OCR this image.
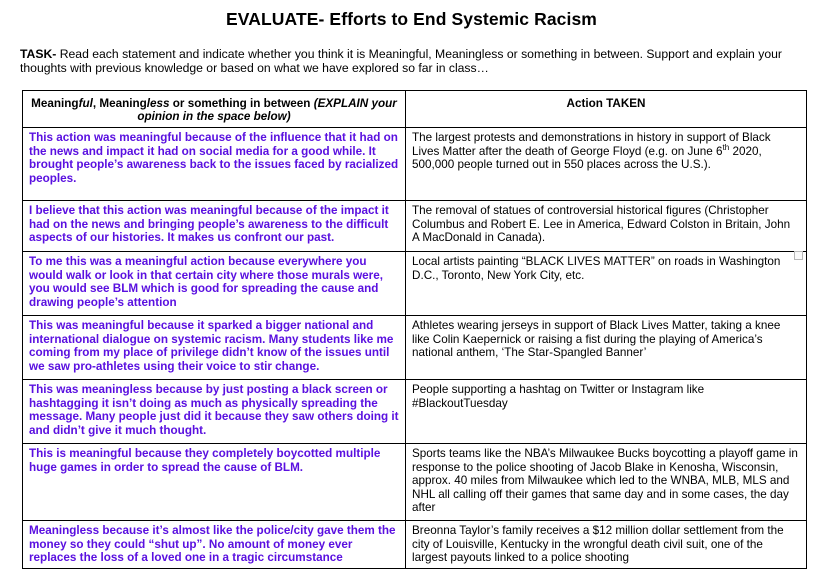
EVALUATE- Efforts to End Systemic Racism
TASK- Read each statement and indicate whether you think it is Meaningful, Meaningless or something in between. Support and explain your thoughts with previous knowledge or based on what we have explored so far in class…
Meaningful, Meaningless or something in between (EXPLAIN your opinion in the space below)	Action TAKEN
This action was meaningful because of the influence that it had on the news and impact it had on social media for a good while. It brought people’s awareness back to the issues faced by racialized peoples.	The largest protests and demonstrations in history in support of Black Lives Matter after the death of George Floyd (e.g. on June 6th 2020, 500,000 people turned out in 550 places across the U.S.).
I believe that this action was meaningful because of the impact it had on the news and bringing people’s awareness to the difficult aspects of our histories. It makes us confront our past.	The removal of statues of controversial historical figures (Christopher Columbus and Robert E. Lee in America, Edward Colston in Britain, John A MacDonald in Canada).
To me this was a meaningful action because everywhere you would walk or look in that certain city where those murals were, you would see BLM which is good for spreading the cause and drawing people’s attention	Local artists painting “BLACK LIVES MATTER” on roads in Washington D.C., Toronto, New York City, etc.
This was meaningful because it sparked a bigger national and international dialogue on systemic racism. Many students like me coming from my place of privilege didn’t know of the issues until we saw pro-athletes using their voice to stir change.	Athletes wearing jerseys in support of Black Lives Matter, taking a knee like Colin Kaepernick or raising a fist during the playing of America’s national anthem, ‘The Star-Spangled Banner’
This was meaningless because by just posting a black screen or hashtagging it isn’t doing as much as physically spreading the message. Many people just did it because they saw others doing it and didn’t give it much thought.	People supporting a hashtag on Twitter or Instagram like #BlackoutTuesday
This is meaningful because they completely boycotted multiple huge games in order to spread the cause of BLM.	Sports teams like the NBA’s Milwaukee Bucks boycotting a playoff game in response to the police shooting of Jacob Blake in Kenosha, Wisconsin, approx. 40 miles from Milwaukee which led to the WNBA, MLB, MLS and NHL all calling off their games that same day and in some cases, the day after
Meaningless because it’s almost like the police/city gave them the money so they could “shut up”. No amount of money ever replaces the loss of a loved one in a tragic circumstance	Breonna Taylor’s family receives a $12 million dollar settlement from the city of Louisville, Kentucky in the wrongful death civil suit, one of the largest payouts linked to a police shooting
